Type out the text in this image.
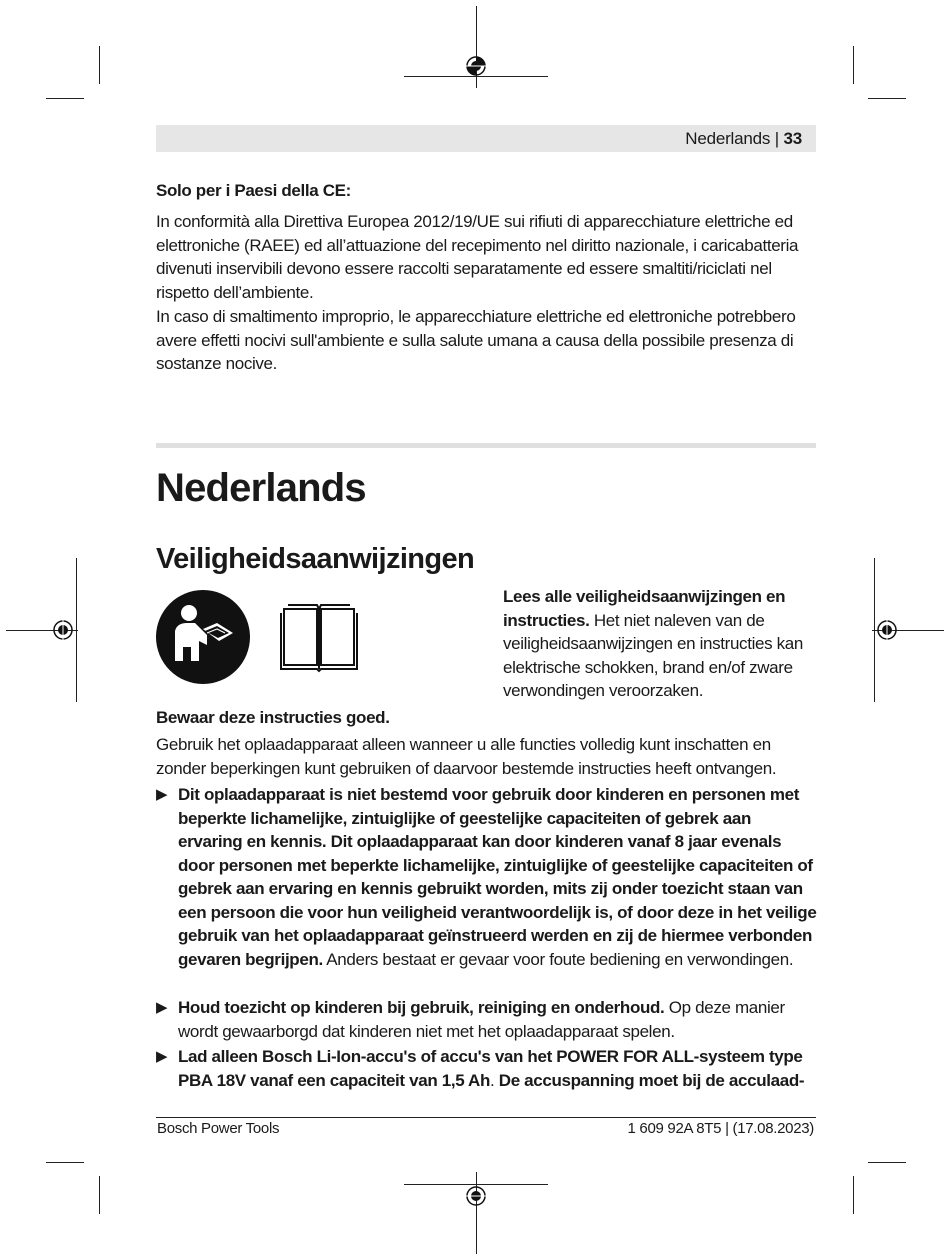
Nederlands | 33
Solo per i Paesi della CE:
In conformità alla Direttiva Europea 2012/19/UE sui rifiuti di apparecchiature elettriche ed elettroniche (RAEE) ed all’attuazione del recepimento nel diritto nazionale, i caricabatteria divenuti inservibili devono essere raccolti separatamente ed essere smaltiti/riciclati nel rispetto dell’ambiente.
In caso di smaltimento improprio, le apparecchiature elettriche ed elettroniche potrebbero avere effetti nocivi sull'ambiente e sulla salute umana a causa della possibile presenza di sostanze nocive.
Nederlands
Veiligheidsaanwijzingen
Lees alle veiligheidsaanwijzingen en instructies. Het niet naleven van de veiligheidsaanwijzingen en instructies kan elektrische schokken, brand en/of zware verwondingen veroorzaken.
Bewaar deze instructies goed.
Gebruik het oplaadapparaat alleen wanneer u alle functies volledig kunt inschatten en zonder beperkingen kunt gebruiken of daarvoor bestemde instructies heeft ontvangen.
▶ Dit oplaadapparaat is niet bestemd voor gebruik door kinderen en personen met beperkte lichamelijke, zintuiglijke of geestelijke capaciteiten of gebrek aan ervaring en kennis. Dit oplaadapparaat kan door kinderen vanaf 8 jaar evenals door personen met beperkte lichamelijke, zintuiglijke of geestelijke capaciteiten of gebrek aan ervaring en kennis gebruikt worden, mits zij onder toezicht staan van een persoon die voor hun veiligheid verantwoordelijk is, of door deze in het veilige gebruik van het oplaadapparaat geïnstrueerd werden en zij de hiermee verbonden gevaren begrijpen. Anders bestaat er gevaar voor foute bediening en verwondingen.
▶ Houd toezicht op kinderen bij gebruik, reiniging en onderhoud. Op deze manier wordt gewaarborgd dat kinderen niet met het oplaadapparaat spelen.
▶ Lad alleen Bosch Li-Ion-accu's of accu's van het POWER FOR ALL-systeem type PBA 18V vanaf een capaciteit van 1,5 Ah. De accuspanning moet bij de acculaad-
Bosch Power Tools	1 609 92A 8T5 | (17.08.2023)
